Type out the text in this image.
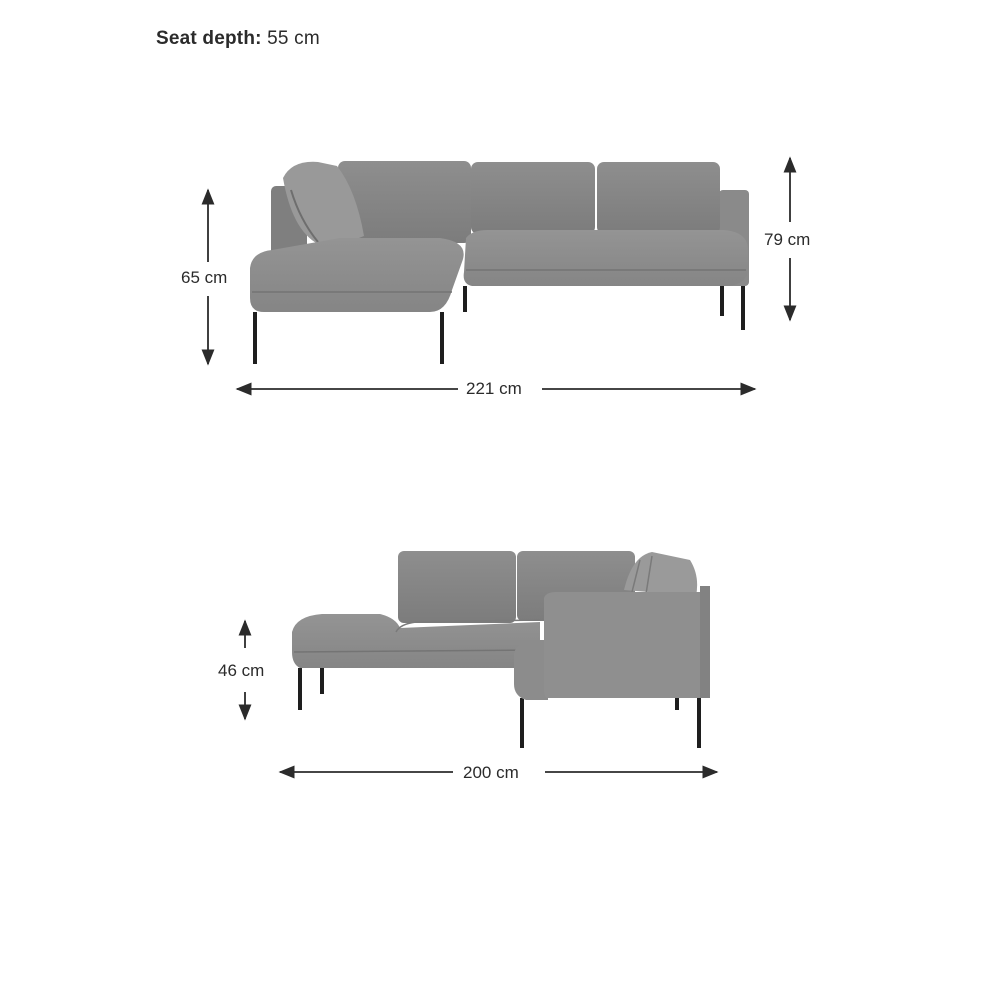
Seat depth: 55 cm
65 cm
79 cm
221 cm
46 cm
200 cm
